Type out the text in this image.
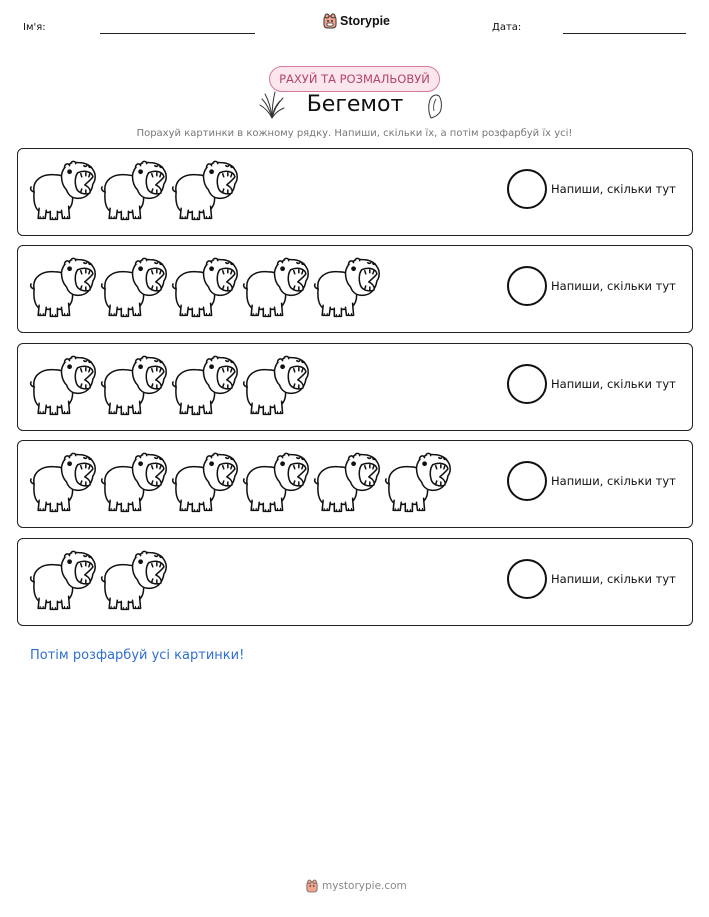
Ім'я:	Storypie	Дата:
РАХУЙ ТА РОЗМАЛЬОВУЙ
Бегемот
Порахуй картинки в кожному рядку. Напиши, скільки їх, а потім розфарбуй їх усі!
Напиши, скільки тут
Напиши, скільки тут
Напиши, скільки тут
Напиши, скільки тут
Напиши, скільки тут
Потім розфарбуй усі картинки!
mystorypie.com
